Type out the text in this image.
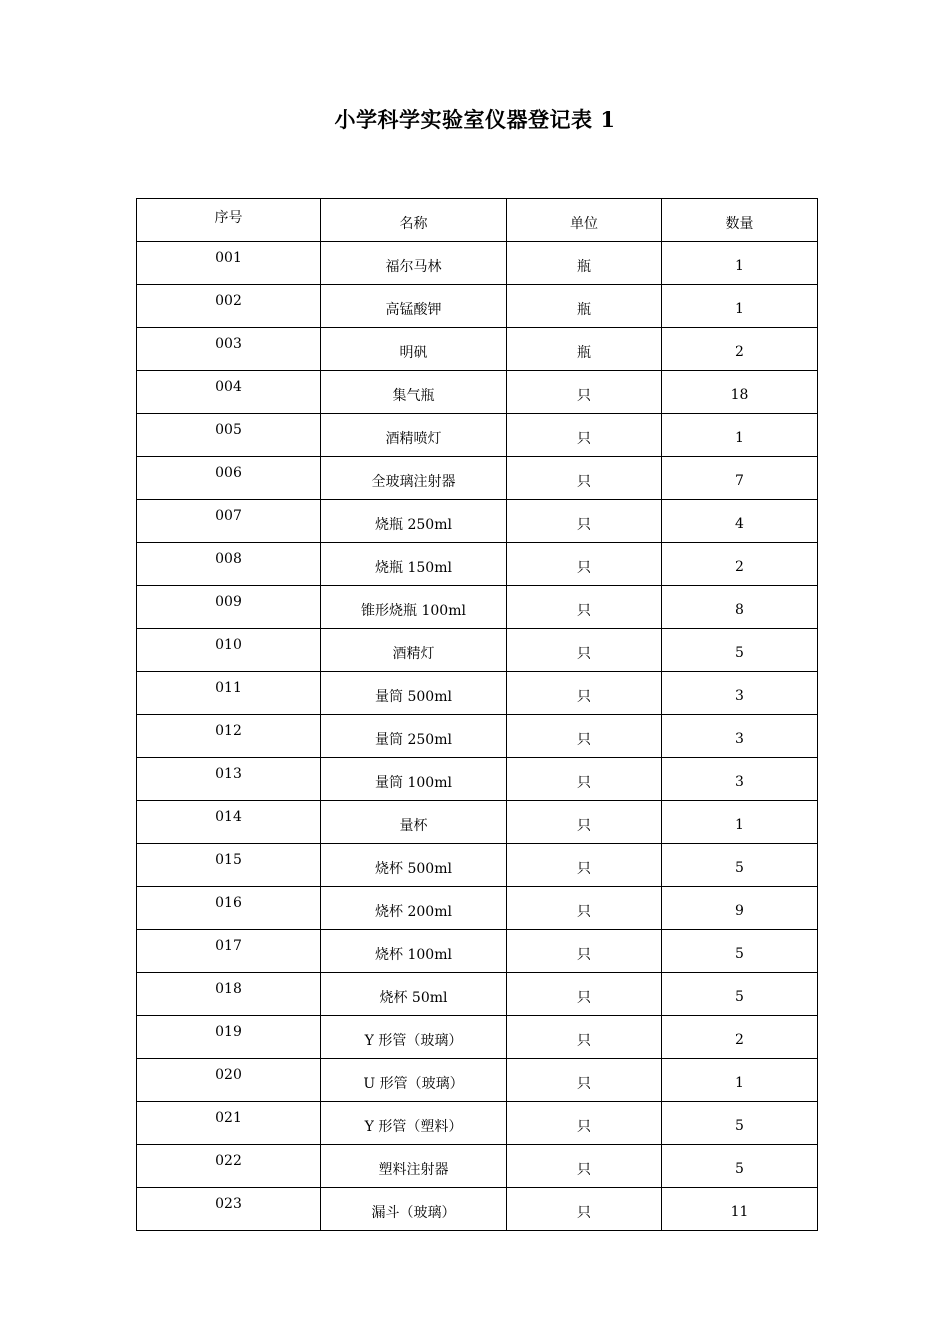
小学科学实验室仪器登记表 1
序号	名称	单位	数量
001	福尔马林	瓶	1
002	高锰酸钾	瓶	1
003	明矾	瓶	2
004	集气瓶	只	18
005	酒精喷灯	只	1
006	全玻璃注射器	只	7
007	烧瓶 250ml	只	4
008	烧瓶 150ml	只	2
009	锥形烧瓶 100ml	只	8
010	酒精灯	只	5
011	量筒 500ml	只	3
012	量筒 250ml	只	3
013	量筒 100ml	只	3
014	量杯	只	1
015	烧杯 500ml	只	5
016	烧杯 200ml	只	9
017	烧杯 100ml	只	5
018	烧杯 50ml	只	5
019	Y 形管（玻璃）	只	2
020	U 形管（玻璃）	只	1
021	Y 形管（塑料）	只	5
022	塑料注射器	只	5
023	漏斗（玻璃）	只	11
